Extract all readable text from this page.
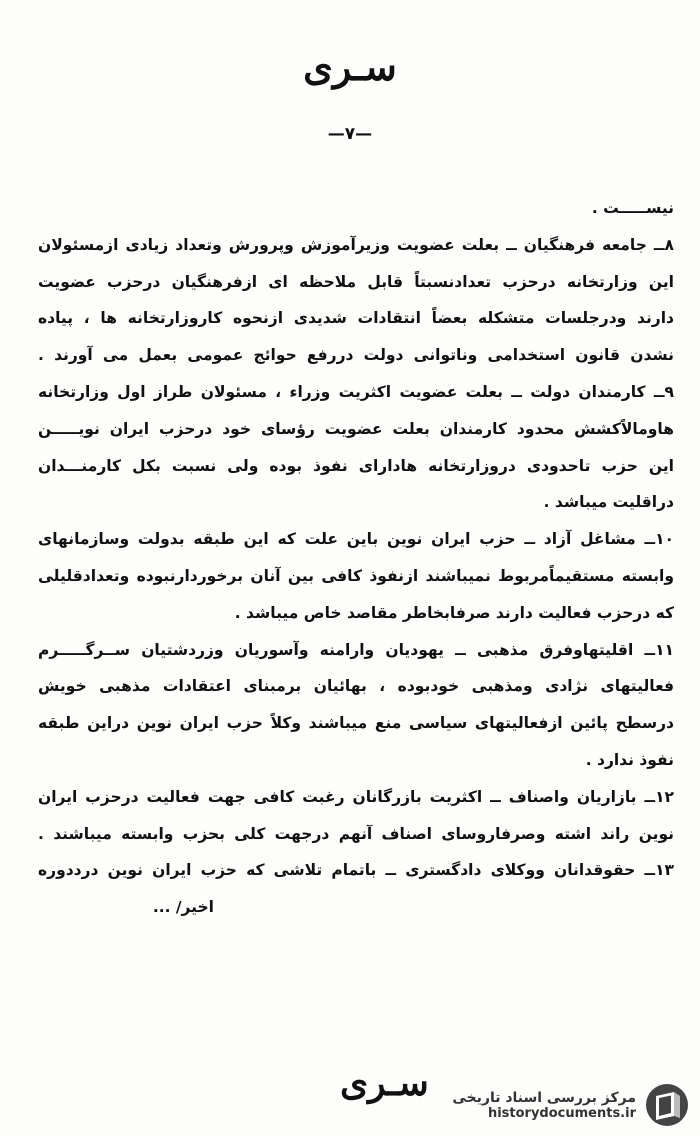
سـری
—۷—
نیســـــت .
۸ــ جامعه فرهنگیان ــ بعلت عضویت وزیرآموزش وپرورش وتعداد زیادی ازمسئولان
این وزارتخانه درحزب تعدادنسبتاً قابل ملاحظه ای ازفرهنگیان درحزب عضویت
دارند ودرجلسات متشکله بعضاً انتقادات شدیدی ازنحوه کاروزارتخانه ها ، پیاده
نشدن قانون استخدامی وناتوانی دولت دررفع حوائج عمومی بعمل می آورند .
۹ــ کارمندان دولت ــ بعلت عضویت اکثریت وزراء ، مسئولان طراز اول وزارتخانه
هاومالاًکشش محدود کارمندان بعلت عضویت رؤسای خود درحزب ایران نویـــــن
این حزب تاحدودی دروزارتخانه هادارای نفوذ بوده ولی نسبت بکل کارمنـــدان
دراقلیت میباشد .
۱۰ــ مشاغل آزاد ــ حزب ایران نوین باین علت که این طبقه بدولت وسازمانهای
وابسته مستقیماًمربوط نمیباشند ازنفوذ کافی بین آنان برخوردارنبوده وتعدادقلیلی
که درحزب فعالیت دارند صرفابخاطر مقاصد خاص میباشد .
۱۱ــ اقلیتهاوفرق مذهبی ــ یهودیان وارامنه وآسوریان وزردشتیان ســرگـــــرم
فعالیتهای نژادی ومذهبی خودبوده ، بهائیان برمبنای اعتقادات مذهبی خویش
درسطح پائین ازفعالیتهای سیاسی منع میباشند وکلاً حزب ایران نوین دراین طبقه
نفوذ ندارد .
۱۲ــ بازاریان واصناف ــ اکثریت بازرگانان رغبت کافی جهت فعالیت درحزب ایران
نوین راند اشته وصرفاروسای اصناف آنهم درجهت کلی بحزب وابسته میباشند .
۱۳ــ حقوقدانان ووکلای دادگستری ــ باتمام تلاشی که حزب ایران نوین درددوره
اخیر/ ...
سـری مرکز بررسی اسناد تاریخی
historydocuments.ir
